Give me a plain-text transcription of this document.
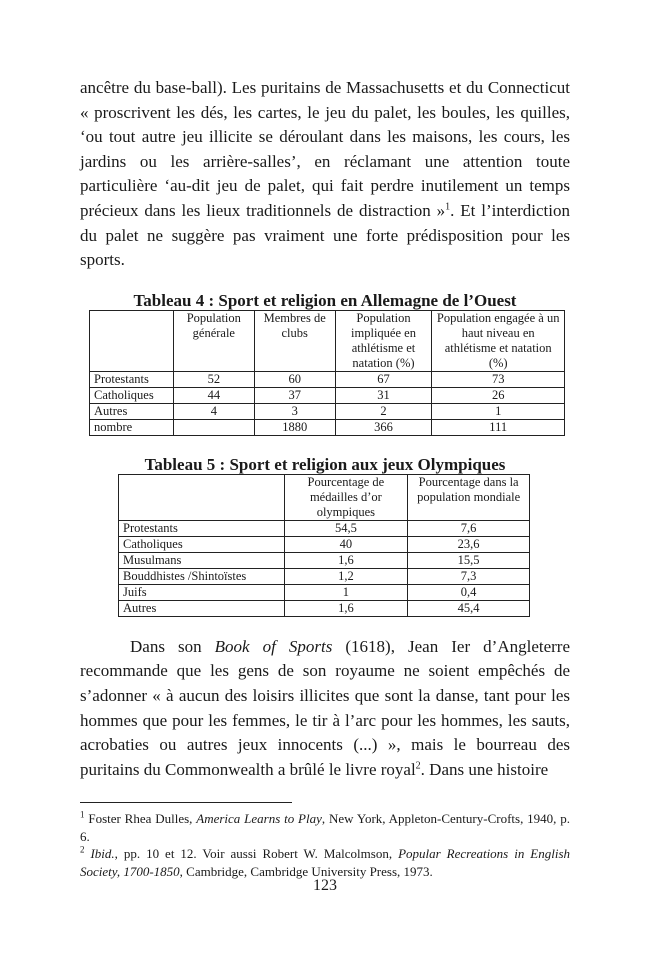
ancêtre du base-ball). Les puritains de Massachusetts et du Connecticut « proscrivent les dés, les cartes, le jeu du palet, les boules, les quilles, ‘ou tout autre jeu illicite se déroulant dans les maisons, les cours, les jardins ou les arrière-salles’, en réclamant une attention toute particulière ‘au-dit jeu de palet, qui fait perdre inutilement un temps précieux dans les lieux traditionnels de distraction »$^1$. Et l’interdiction du palet ne suggère pas vraiment une forte prédisposition pour les sports.

Tableau 4 : Sport et religion en Allemagne de l’Ouest

	Population générale	Membres de clubs	Population impliquée en athlétisme et natation (%)	Population engagée à un haut niveau en athlétisme et natation (%)
Protestants	52	60	67	73
Catholiques	44	37	31	26
Autres	4	3	2	1
nombre		1880	366	111

Tableau 5 : Sport et religion aux jeux Olympiques

	Pourcentage de médailles d’or olympiques	Pourcentage dans la population mondiale
Protestants	54,5	7,6
Catholiques	40	23,6
Musulmans	1,6	15,5
Bouddhistes /Shintoïstes	1,2	7,3
Juifs	1	0,4
Autres	1,6	45,4

Dans son Book of Sports (1618), Jean Ier d’Angleterre recommande que les gens de son royaume ne soient empêchés de s’adonner « à aucun des loisirs illicites que sont la danse, tant pour les hommes que pour les femmes, le tir à l’arc pour les hommes, les sauts, acrobaties ou autres jeux innocents (...) », mais le bourreau des puritains du Commonwealth a brûlé le livre royal$^2$. Dans une histoire

$^1$ Foster Rhea Dulles, America Learns to Play, New York, Appleton-Century-Crofts, 1940, p. 6.

$^2$ Ibid., pp. 10 et 12. Voir aussi Robert W. Malcolmson, Popular Recreations in English Society, 1700-1850, Cambridge, Cambridge University Press, 1973.

123
